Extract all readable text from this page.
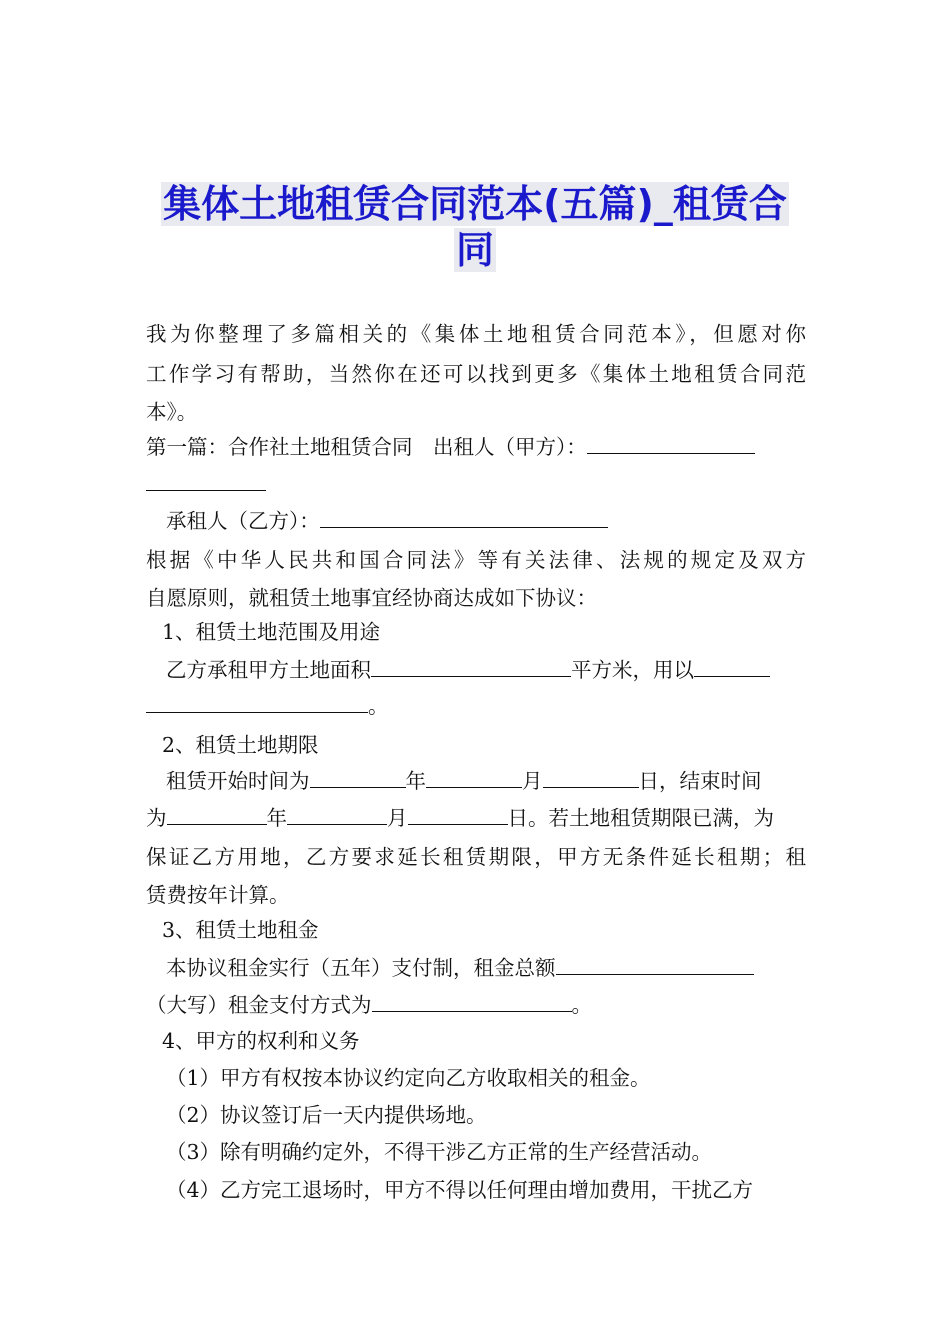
集体土地租赁合同范本(五篇)_租赁合
同
我为你整理了多篇相关的《集体土地租赁合同范本》，但愿对你
工作学习有帮助，当然你在还可以找到更多《集体土地租赁合同范
本》。
第一篇：合作社土地租赁合同　出租人（甲方）：
承租人（乙方）：
根据《中华人民共和国合同法》等有关法律、法规的规定及双方
自愿原则，就租赁土地事宜经协商达成如下协议：
1、租赁土地范围及用途
乙方承租甲方土地面积	平方米，用以
。
2、租赁土地期限
租赁开始时间为	年	月	日，结束时间
为	年	月	日。若土地租赁期限已满，为
保证乙方用地，乙方要求延长租赁期限，甲方无条件延长租期；租
赁费按年计算。
3、租赁土地租金
本协议租金实行（五年）支付制，租金总额
（大写）租金支付方式为	。
4、甲方的权利和义务
（1）甲方有权按本协议约定向乙方收取相关的租金。
（2）协议签订后一天内提供场地。
（3）除有明确约定外，不得干涉乙方正常的生产经营活动。
（4）乙方完工退场时，甲方不得以任何理由增加费用，干扰乙方
